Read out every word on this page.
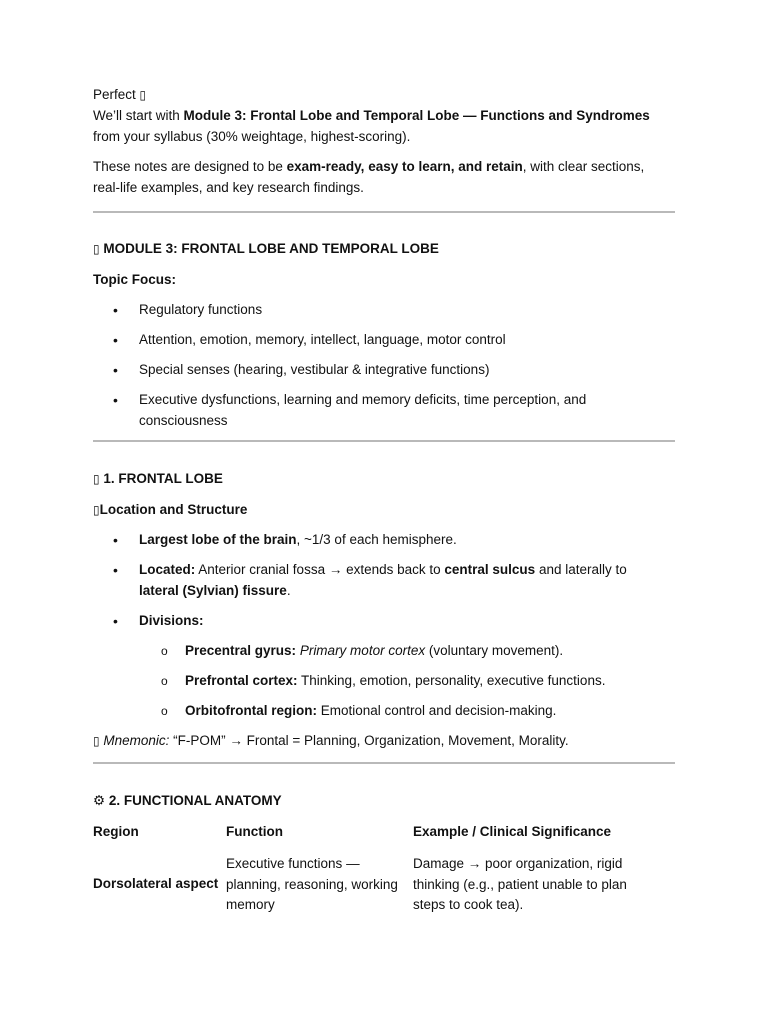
Perfect ▯
We’ll start with Module 3: Frontal Lobe and Temporal Lobe — Functions and Syndromes
from your syllabus (30% weightage, highest-scoring).
These notes are designed to be exam-ready, easy to learn, and retain, with clear sections,
real-life examples, and key research findings.
▯ MODULE 3: FRONTAL LOBE AND TEMPORAL LOBE
Topic Focus:
• Regulatory functions
• Attention, emotion, memory, intellect, language, motor control
• Special senses (hearing, vestibular & integrative functions)
• Executive dysfunctions, learning and memory deficits, time perception, and
consciousness
▯ 1. FRONTAL LOBE
▯Location and Structure
• Largest lobe of the brain, ~1/3 of each hemisphere.
• Located: Anterior cranial fossa → extends back to central sulcus and laterally to
lateral (Sylvian) fissure.
• Divisions:
o Precentral gyrus: Primary motor cortex (voluntary movement).
o Prefrontal cortex: Thinking, emotion, personality, executive functions.
o Orbitofrontal region: Emotional control and decision-making.
▯ Mnemonic: “F-POM” → Frontal = Planning, Organization, Movement, Morality.
⚙ 2. FUNCTIONAL ANATOMY
Region	Function	Example / Clinical Significance
Dorsolateral aspect
Executive functions —
planning, reasoning, working
memory
Damage → poor organization, rigid
thinking (e.g., patient unable to plan
steps to cook tea).
